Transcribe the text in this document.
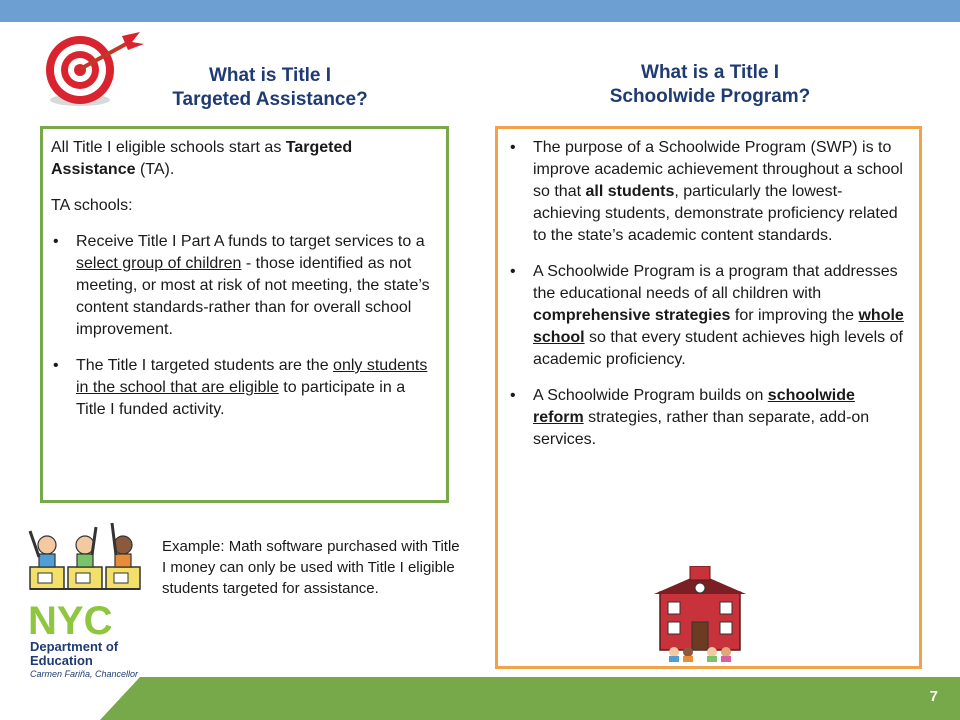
What is Title I
Targeted Assistance?
What is a Title I
Schoolwide Program?

All Title I eligible schools start as Targeted Assistance (TA).

TA schools:

• Receive Title I Part A funds to target services to a select group of children - those identified as not meeting, or most at risk of not meeting, the state’s content standards-rather than for overall school improvement.
• The Title I targeted students are the only students in the school that are eligible to participate in a Title I funded activity.
• The purpose of a Schoolwide Program (SWP) is to improve academic achievement throughout a school so that all students, particularly the lowest-achieving students, demonstrate proficiency related to the state’s academic content standards.
• A Schoolwide Program is a program that addresses the educational needs of all children with comprehensive strategies for improving the whole school so that every student achieves high levels of academic proficiency.
• A Schoolwide Program builds on schoolwide reform strategies, rather than separate, add-on services.

Example: Math software purchased with Title I money can only be used with Title I eligible students targeted for assistance.

NYC
Department of
Education
Carmen Fariña, Chancellor
7
